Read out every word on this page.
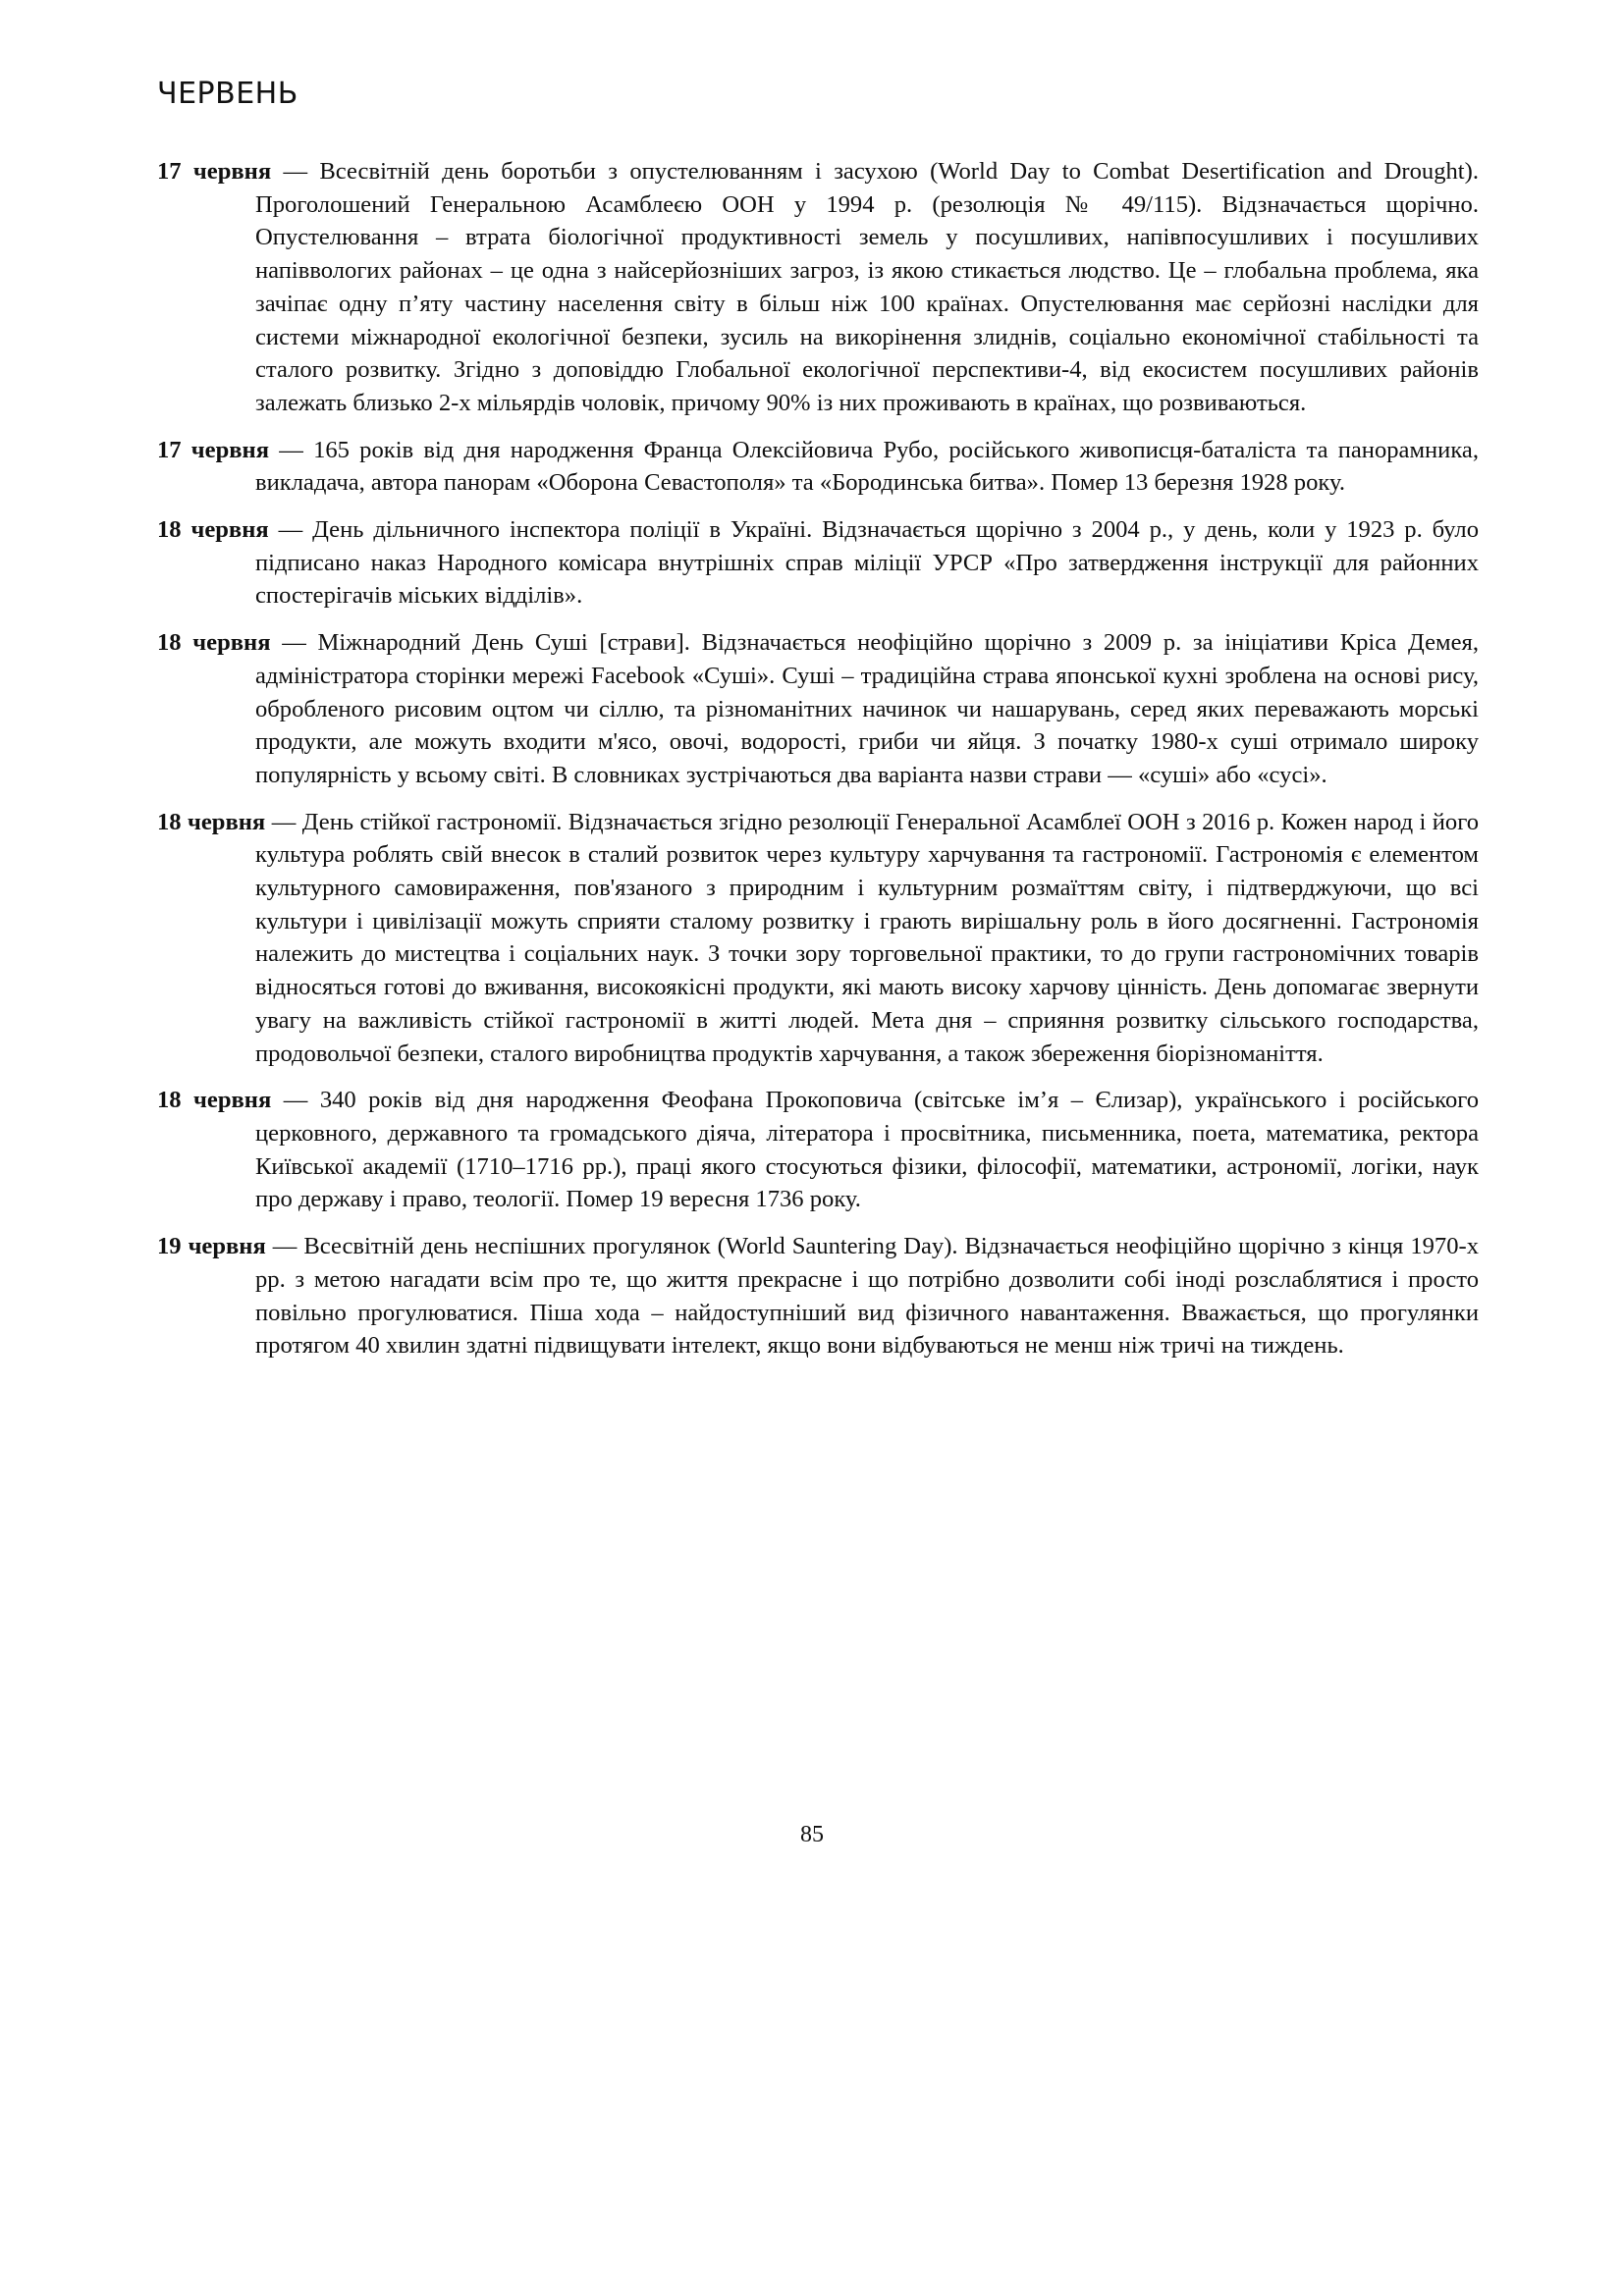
ЧЕРВЕНЬ
17 червня — Всесвітній день боротьби з опустелюванням і засухою (World Day to Combat Desertification and Drought). Проголошений Генеральною Асамблеєю ООН у 1994 р. (резолюція № 49/115). Відзначається щорічно. Опустелювання – втрата біологічної продуктивності земель у посушливих, напівпосушливих і посушливих напіввологих районах – це одна з найсерйозніших загроз, із якою стикається людство. Це – глобальна проблема, яка зачіпає одну п’яту частину населення світу в більш ніж 100 країнах. Опустелювання має серйозні наслідки для системи міжнародної екологічної безпеки, зусиль на викорінення злиднів, соціально економічної стабільності та сталого розвитку. Згідно з доповіддю Глобальної екологічної перспективи-4, від екосистем посушливих районів залежать близько 2-х мільярдів чоловік, причому 90% із них проживають в країнах, що розвиваються.
17 червня — 165 років від дня народження Франца Олексійовича Рубо, російського живописця-баталіста та панорамника, викладача, автора панорам «Оборона Севастополя» та «Бородинська битва». Помер 13 березня 1928 року.
18 червня — День дільничного інспектора поліції в Україні. Відзначається щорічно з 2004 р., у день, коли у 1923 р. було підписано наказ Народного комісара внутрішніх справ міліції УРСР «Про затвердження інструкції для районних спостерігачів міських відділів».
18 червня — Міжнародний День Суші [страви]. Відзначається неофіційно щорічно з 2009 р. за ініціативи Кріса Демея, адміністратора сторінки мережі Facebook «Суші». Суші – традиційна страва японської кухні зроблена на основі рису, обробленого рисовим оцтом чи сіллю, та різноманітних начинок чи нашарувань, серед яких переважають морські продукти, але можуть входити м'ясо, овочі, водорості, гриби чи яйця. З початку 1980-х суші отримало широку популярність у всьому світі. В словниках зустрічаються два варіанта назви страви — «суші» або «сусі».
18 червня — День стійкої гастрономії. Відзначається згідно резолюції Генеральної Асамблеї ООН з 2016 р. Кожен народ і його культура роблять свій внесок в сталий розвиток через культуру харчування та гастрономії. Гастрономія є елементом культурного самовираження, пов'язаного з природним і культурним розмаїттям світу, і підтверджуючи, що всі культури і цивілізації можуть сприяти сталому розвитку і грають вирішальну роль в його досягненні. Гастрономія належить до мистецтва і соціальних наук. З точки зору торговельної практики, то до групи гастрономічних товарів відносяться готові до вживання, високоякісні продукти, які мають високу харчову цінність. День допомагає звернути увагу на важливість стійкої гастрономії в житті людей. Мета дня – сприяння розвитку сільського господарства, продовольчої безпеки, сталого виробництва продуктів харчування, а також збереження біорізноманіття.
18 червня — 340 років від дня народження Феофана Прокоповича (світське ім’я – Єлизар), українського і російського церковного, державного та громадського діяча, літератора і просвітника, письменника, поета, математика, ректора Київської академії (1710–1716 рр.), праці якого стосуються фізики, філософії, математики, астрономії, логіки, наук про державу і право, теології. Помер 19 вересня 1736 року.
19 червня — Всесвітній день неспішних прогулянок (World Sauntering Day). Відзначається неофіційно щорічно з кінця 1970-х рр. з метою нагадати всім про те, що життя прекрасне і що потрібно дозволити собі іноді розслаблятися і просто повільно прогулюватися. Піша хода – найдоступніший вид фізичного навантаження. Вважається, що прогулянки протягом 40 хвилин здатні підвищувати інтелект, якщо вони відбуваються не менш ніж тричі на тиждень.

85
